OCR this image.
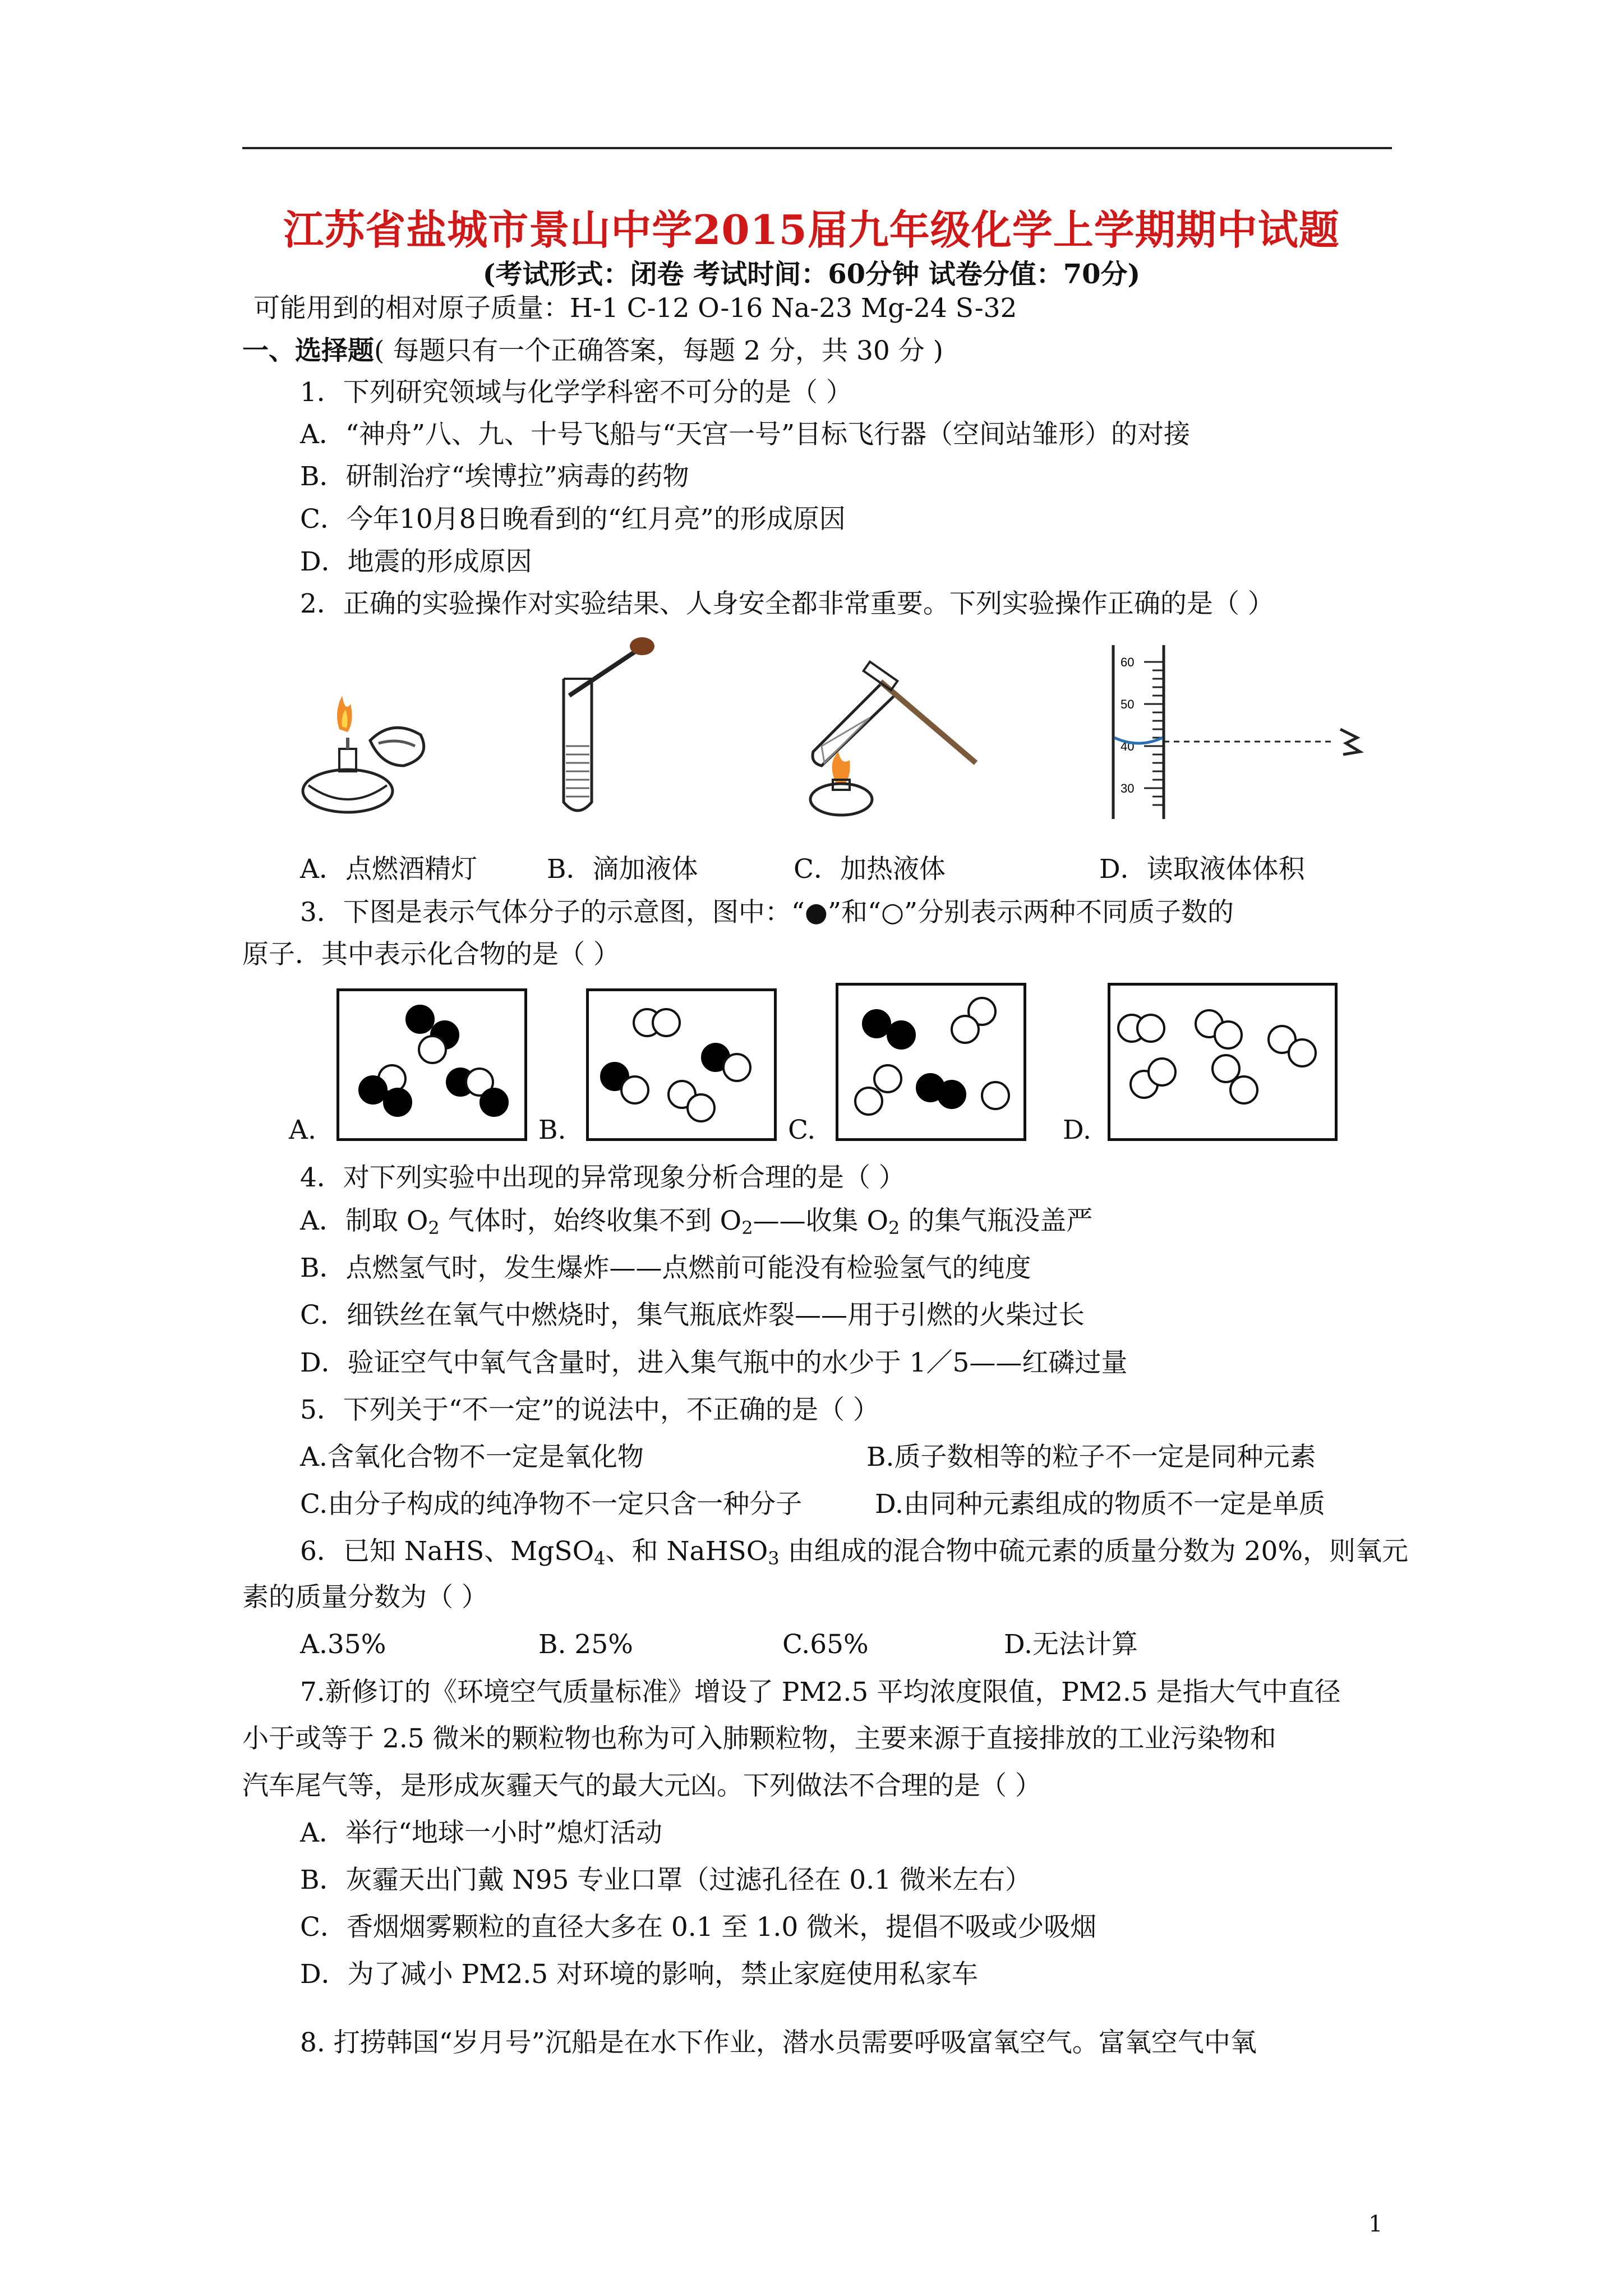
江苏省盐城市景山中学2015届九年级化学上学期期中试题
(考试形式：闭卷 考试时间：60分钟 试卷分值：70分)
可能用到的相对原子质量：H-1 C-12 O-16 Na-23 Mg-24 S-32
一、选择题( 每题只有一个正确答案，每题 2 分，共 30 分 )
1．下列研究领域与化学学科密不可分的是（ ）
A．“神舟”八、九、十号飞船与“天宫一号”目标飞行器（空间站雏形）的对接
B．研制治疗“埃博拉”病毒的药物
C．今年10月8日晚看到的“红月亮”的形成原因
D．地震的形成原因
2．正确的实验操作对实验结果、人身安全都非常重要。下列实验操作正确的是（ ）
60
50
40
30
A．点燃酒精灯	B．滴加液体	C．加热液体	D．读取液体体积
3．下图是表示气体分子的示意图，图中：“●”和“○”分别表示两种不同质子数的
原子．其中表示化合物的是（ ）
A.	B.	C.	D.
4．对下列实验中出现的异常现象分析合理的是（ ）
A．制取 $O_2$ 气体时，始终收集不到 $O_2——$收集 $O_2$ 的集气瓶没盖严
B．点燃氢气时，发生爆炸——点燃前可能没有检验氢气的纯度
C．细铁丝在氧气中燃烧时，集气瓶底炸裂——用于引燃的火柴过长
D．验证空气中氧气含量时，进入集气瓶中的水少于 1／5——红磷过量
5．下列关于“不一定”的说法中，不正确的是（ ）
A.含氧化合物不一定是氧化物	B.质子数相等的粒子不一定是同种元素
C.由分子构成的纯净物不一定只含一种分子	D.由同种元素组成的物质不一定是单质
6．已知 NaHS、MgSO$_4$、和 NaHSO$_3$ 由组成的混合物中硫元素的质量分数为 20%，则氧元
素的质量分数为（ ）
A.35%	B. 25%	C.65%	D.无法计算
7.新修订的《环境空气质量标准》增设了 PM2.5 平均浓度限值，PM2.5 是指大气中直径
小于或等于 2.5 微米的颗粒物也称为可入肺颗粒物，主要来源于直接排放的工业污染物和
汽车尾气等，是形成灰霾天气的最大元凶。下列做法不合理的是（ ）
A．举行“地球一小时”熄灯活动
B．灰霾天出门戴 N95 专业口罩（过滤孔径在 0.1 微米左右）
C．香烟烟雾颗粒的直径大多在 0.1 至 1.0 微米，提倡不吸或少吸烟
D．为了减小 PM2.5 对环境的影响，禁止家庭使用私家车
8. 打捞韩国“岁月号”沉船是在水下作业，潜水员需要呼吸富氧空气。富氧空气中氧
1
